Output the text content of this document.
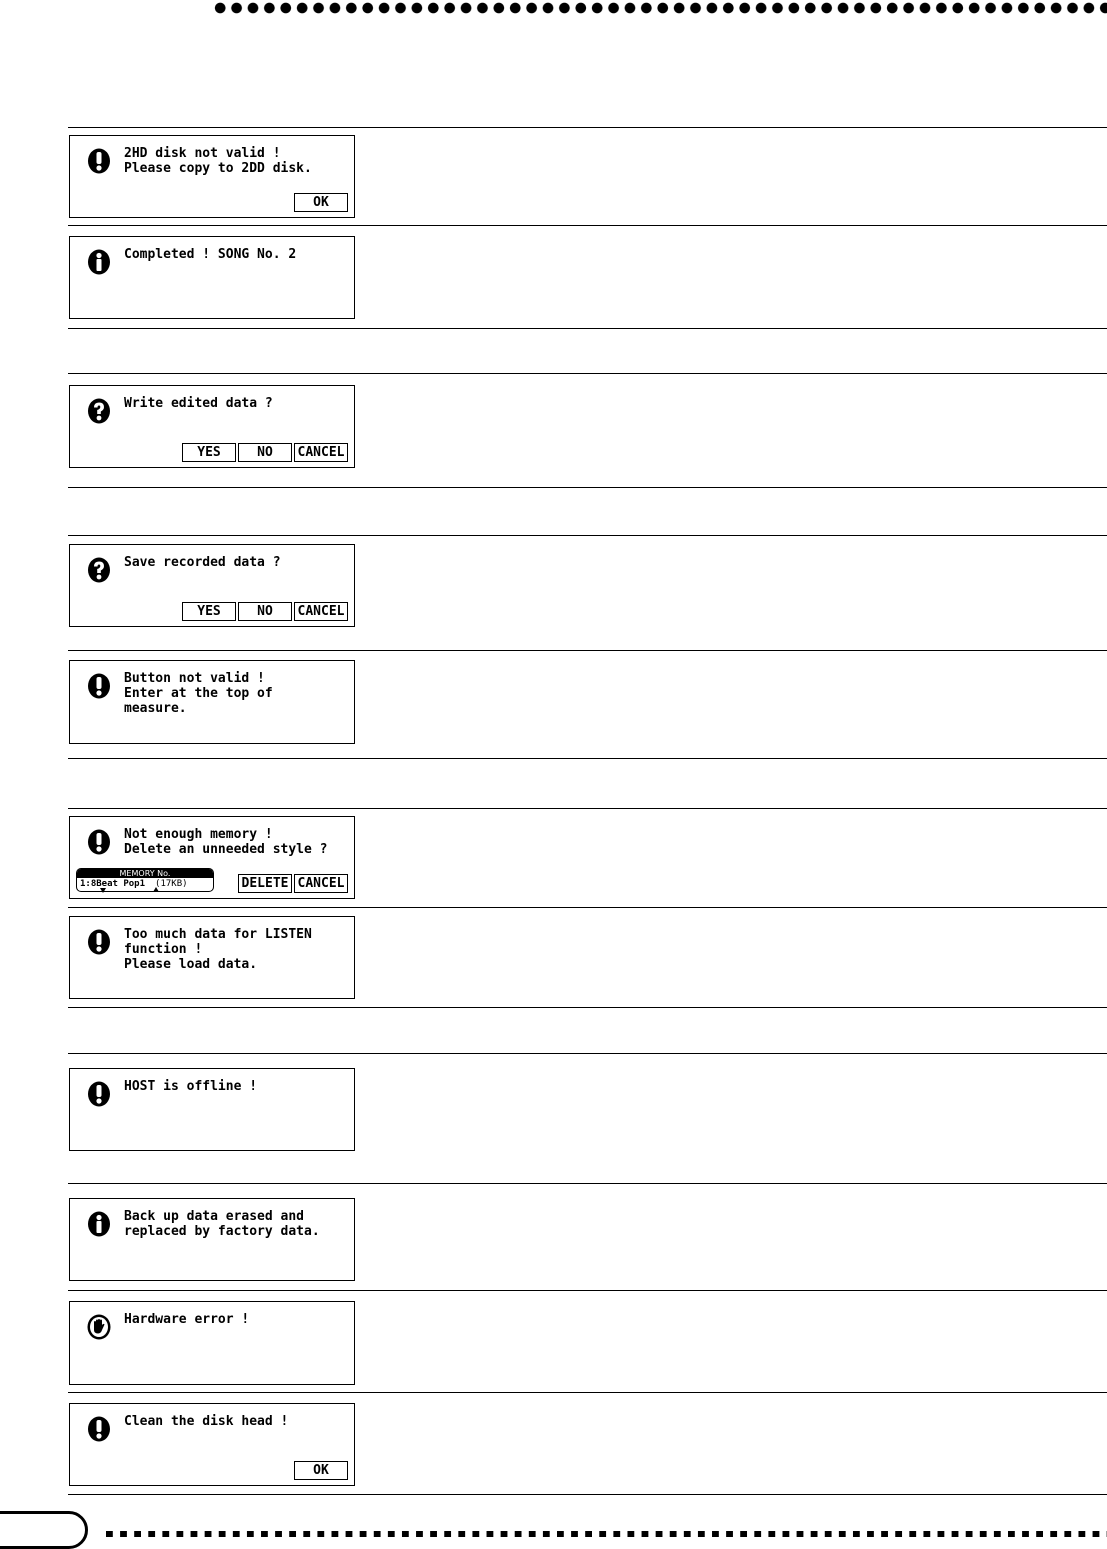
2HD disk not valid !
Please copy to 2DD disk.
OK
Completed ! SONG No. 2
Write edited data ?
YES	NO	CANCEL
Save recorded data ?
YES	NO	CANCEL
Button not valid !
Enter at the top of
measure.
Not enough memory !
Delete an unneeded style ?
MEMORY No.
1:8Beat Pop1 (17KB)	DELETE CANCEL
Too much data for LISTEN
function !
Please load data.
HOST is offline !
Back up data erased and
replaced by factory data.
Hardware error !
Clean the disk head !
OK
